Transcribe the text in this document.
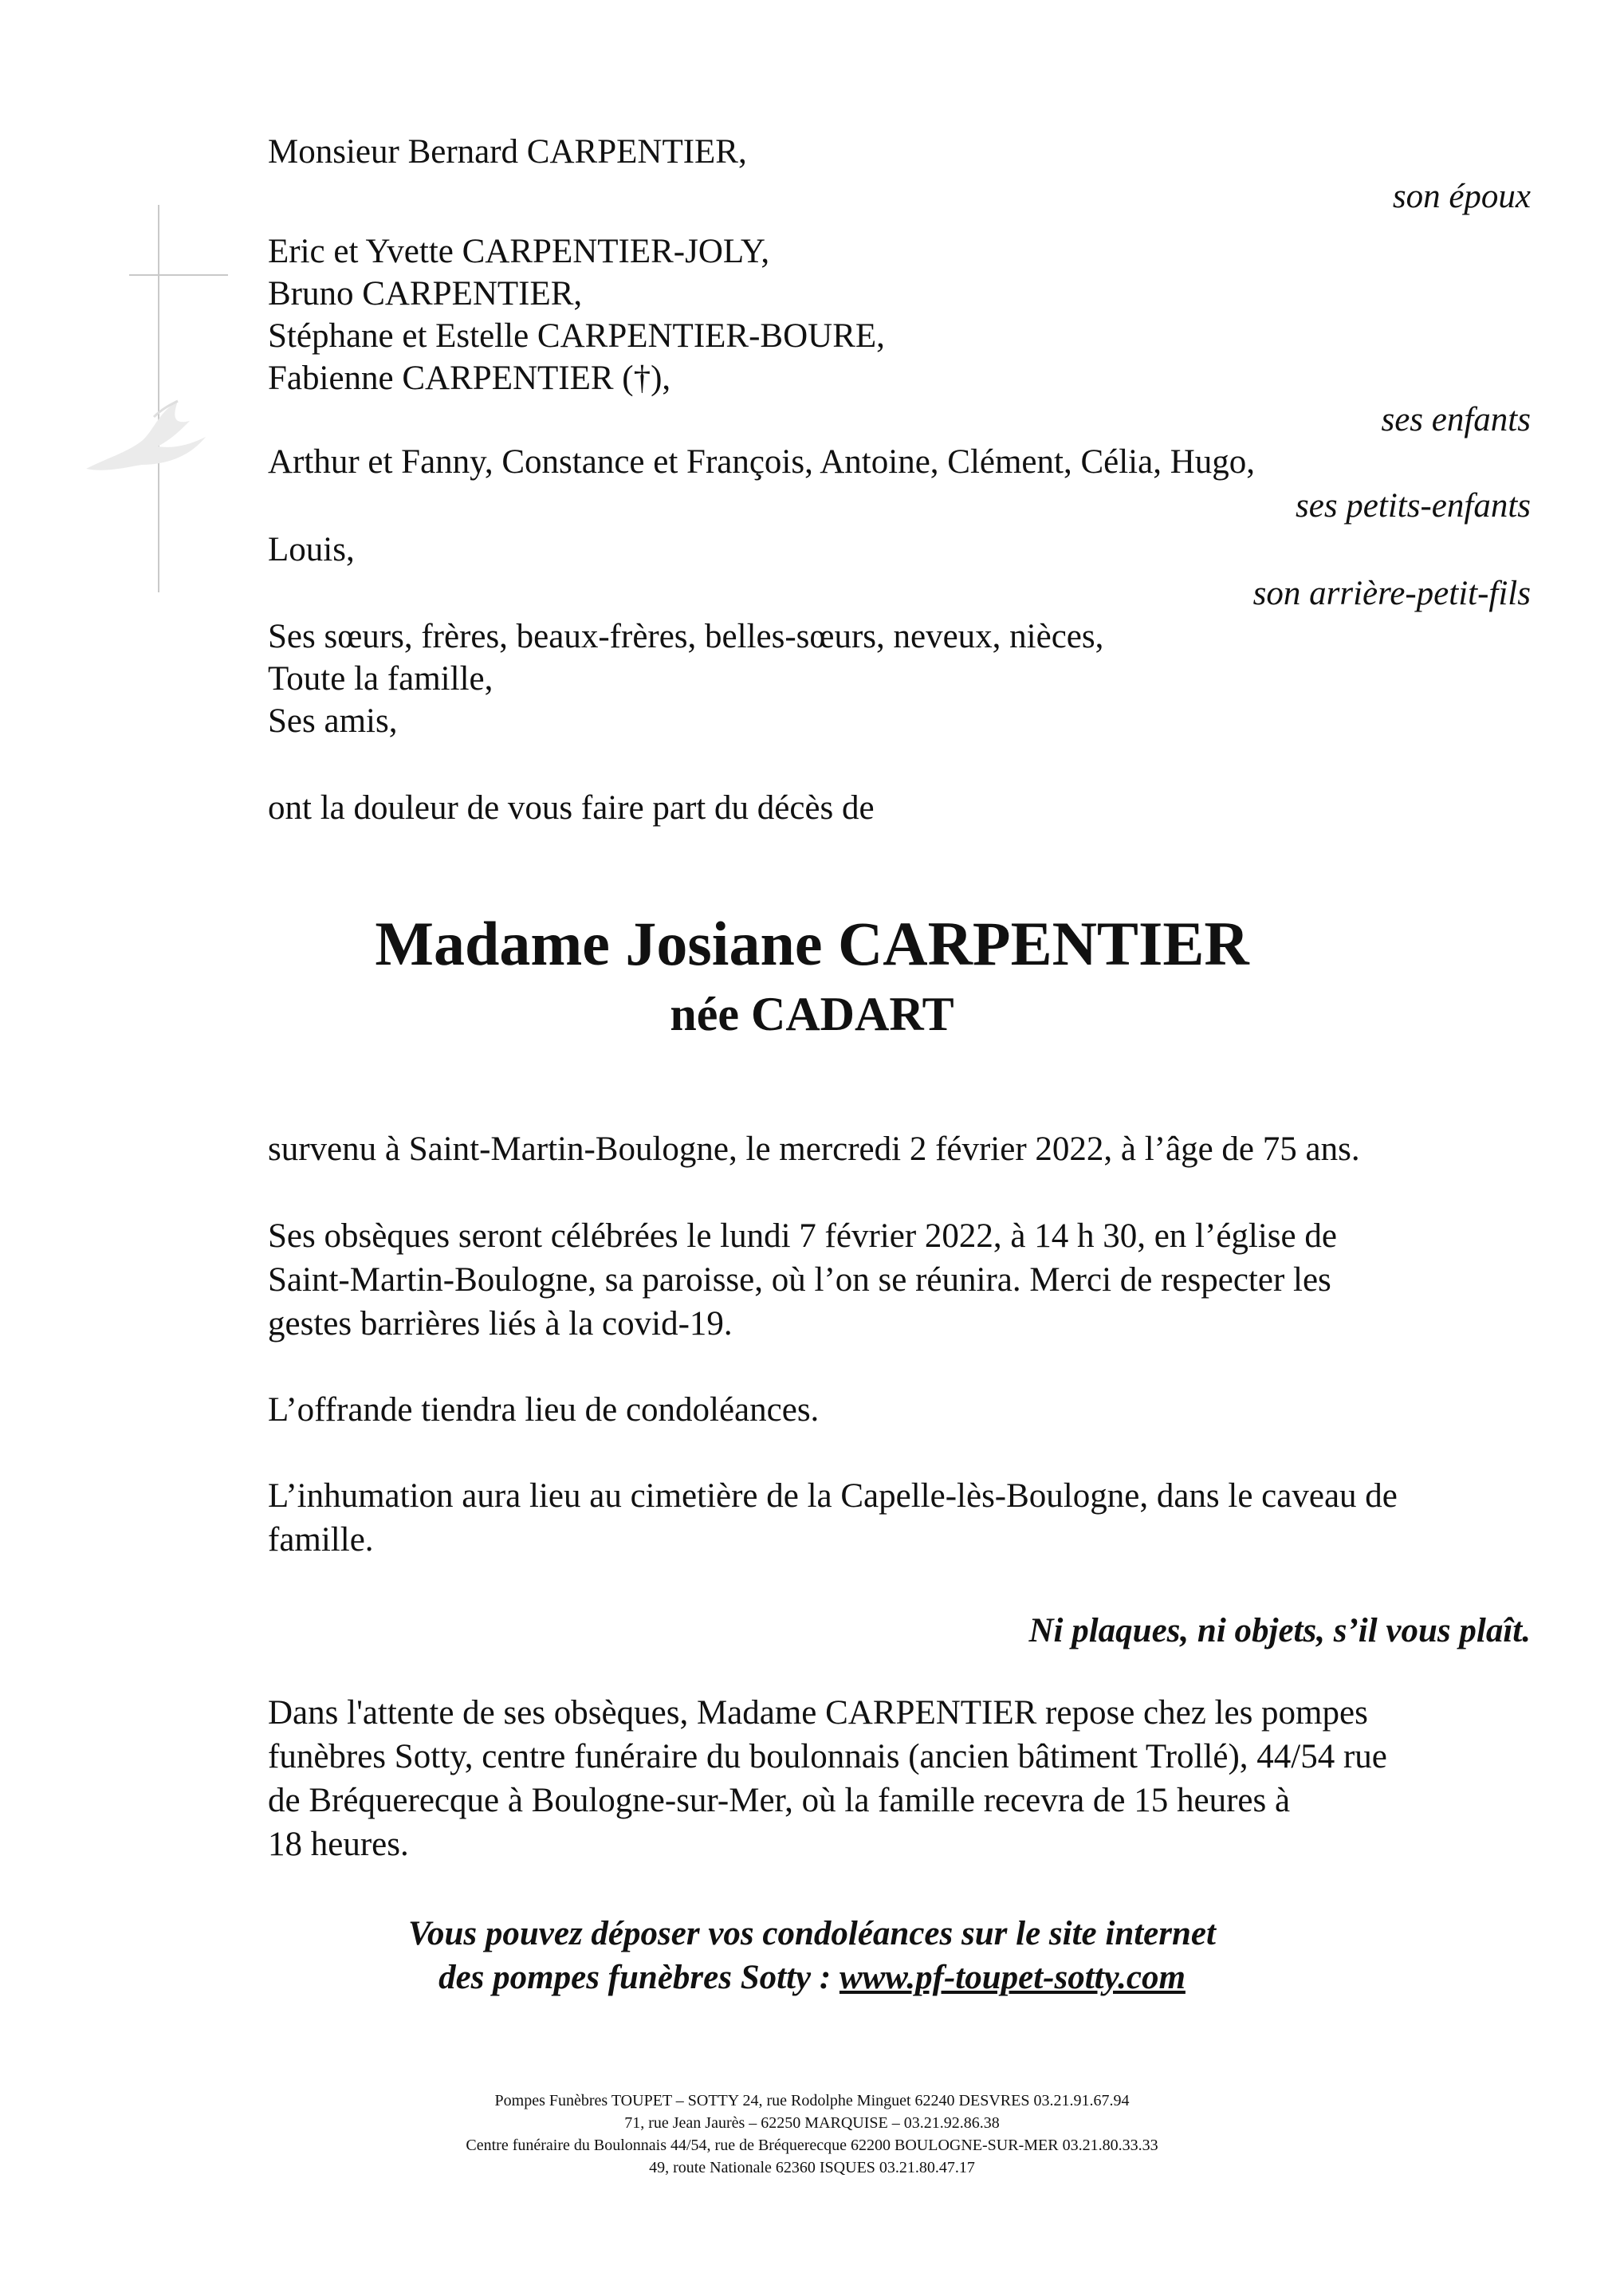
Monsieur Bernard CARPENTIER,
son époux
Eric et Yvette CARPENTIER-JOLY,
Bruno CARPENTIER,
Stéphane et Estelle CARPENTIER-BOURE,
Fabienne CARPENTIER (†),
ses enfants
Arthur et Fanny, Constance et François, Antoine, Clément, Célia, Hugo,
ses petits-enfants
Louis,
son arrière-petit-fils
Ses sœurs, frères, beaux-frères, belles-sœurs, neveux, nièces,
Toute la famille,
Ses amis,
ont la douleur de vous faire part du décès de
Madame Josiane CARPENTIER
née CADART
survenu à Saint-Martin-Boulogne, le mercredi 2 février 2022, à l’âge de 75 ans.
Ses obsèques seront célébrées le lundi 7 février 2022, à 14 h 30, en l’église de
Saint-Martin-Boulogne, sa paroisse, où l’on se réunira. Merci de respecter les
gestes barrières liés à la covid-19.
L’offrande tiendra lieu de condoléances.
L’inhumation aura lieu au cimetière de la Capelle-lès-Boulogne, dans le caveau de
famille.
Ni plaques, ni objets, s’il vous plaît.
Dans l'attente de ses obsèques, Madame CARPENTIER repose chez les pompes
funèbres Sotty, centre funéraire du boulonnais (ancien bâtiment Trollé), 44/54 rue
de Bréquerecque à Boulogne-sur-Mer, où la famille recevra de 15 heures à
18 heures.
Vous pouvez déposer vos condoléances sur le site internet
des pompes funèbres Sotty : www.pf-toupet-sotty.com
Pompes Funèbres TOUPET – SOTTY 24, rue Rodolphe Minguet 62240 DESVRES 03.21.91.67.94
71, rue Jean Jaurès – 62250 MARQUISE – 03.21.92.86.38
Centre funéraire du Boulonnais 44/54, rue de Bréquerecque 62200 BOULOGNE-SUR-MER 03.21.80.33.33
49, route Nationale 62360 ISQUES 03.21.80.47.17
